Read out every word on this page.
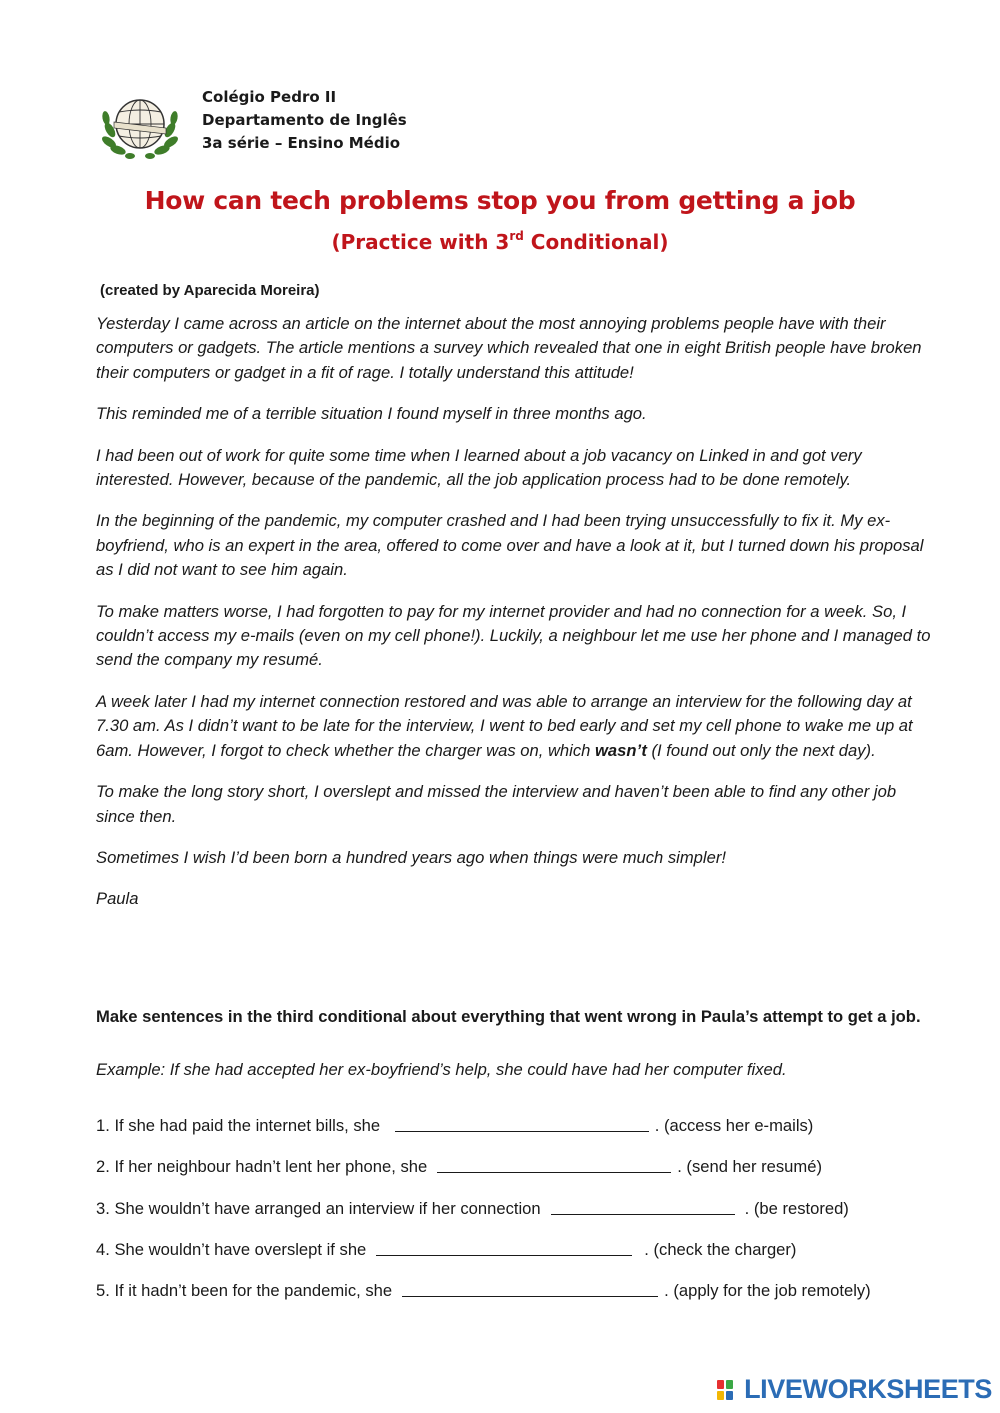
Colégio Pedro II
Departamento de Inglês
3a série – Ensino Médio
How can tech problems stop you from getting a job
(Practice with 3rd Conditional)
(created by Aparecida Moreira)

Yesterday I came across an article on the internet about the most annoying problems people have with their computers or gadgets. The article mentions a survey which revealed that one in eight British people have broken their computers or gadget in a fit of rage. I totally understand this attitude!

This reminded me of a terrible situation I found myself in three months ago.

I had been out of work for quite some time when I learned about a job vacancy on Linked in and got very interested. However, because of the pandemic, all the job application process had to be done remotely.

In the beginning of the pandemic, my computer crashed and I had been trying unsuccessfully to fix it. My ex-boyfriend, who is an expert in the area, offered to come over and have a look at it, but I turned down his proposal as I did not want to see him again.

To make matters worse, I had forgotten to pay for my internet provider and had no connection for a week. So, I couldn’t access my e-mails (even on my cell phone!). Luckily, a neighbour let me use her phone and I managed to send the company my resumé.

A week later I had my internet connection restored and was able to arrange an interview for the following day at 7.30 am. As I didn’t want to be late for the interview, I went to bed early and set my cell phone to wake me up at 6am. However, I forgot to check whether the charger was on, which wasn’t (I found out only the next day).

To make the long story short, I overslept and missed the interview and haven’t been able to find any other job since then.

Sometimes I wish I’d been born a hundred years ago when things were much simpler!

Paula

Make sentences in the third conditional about everything that went wrong in Paula’s attempt to get a job.
Example: If she had accepted her ex-boyfriend’s help, she could have had her computer fixed.
1. If she had paid the internet bills, she	. (access her e-mails)
2. If her neighbour hadn’t lent her phone, she	. (send her resumé)
3. She wouldn’t have arranged an interview if her connection	. (be restored)
4. She wouldn’t have overslept if she	. (check the charger)
5. If it hadn’t been for the pandemic, she	. (apply for the job remotely)
LIVEWORKSHEETS
